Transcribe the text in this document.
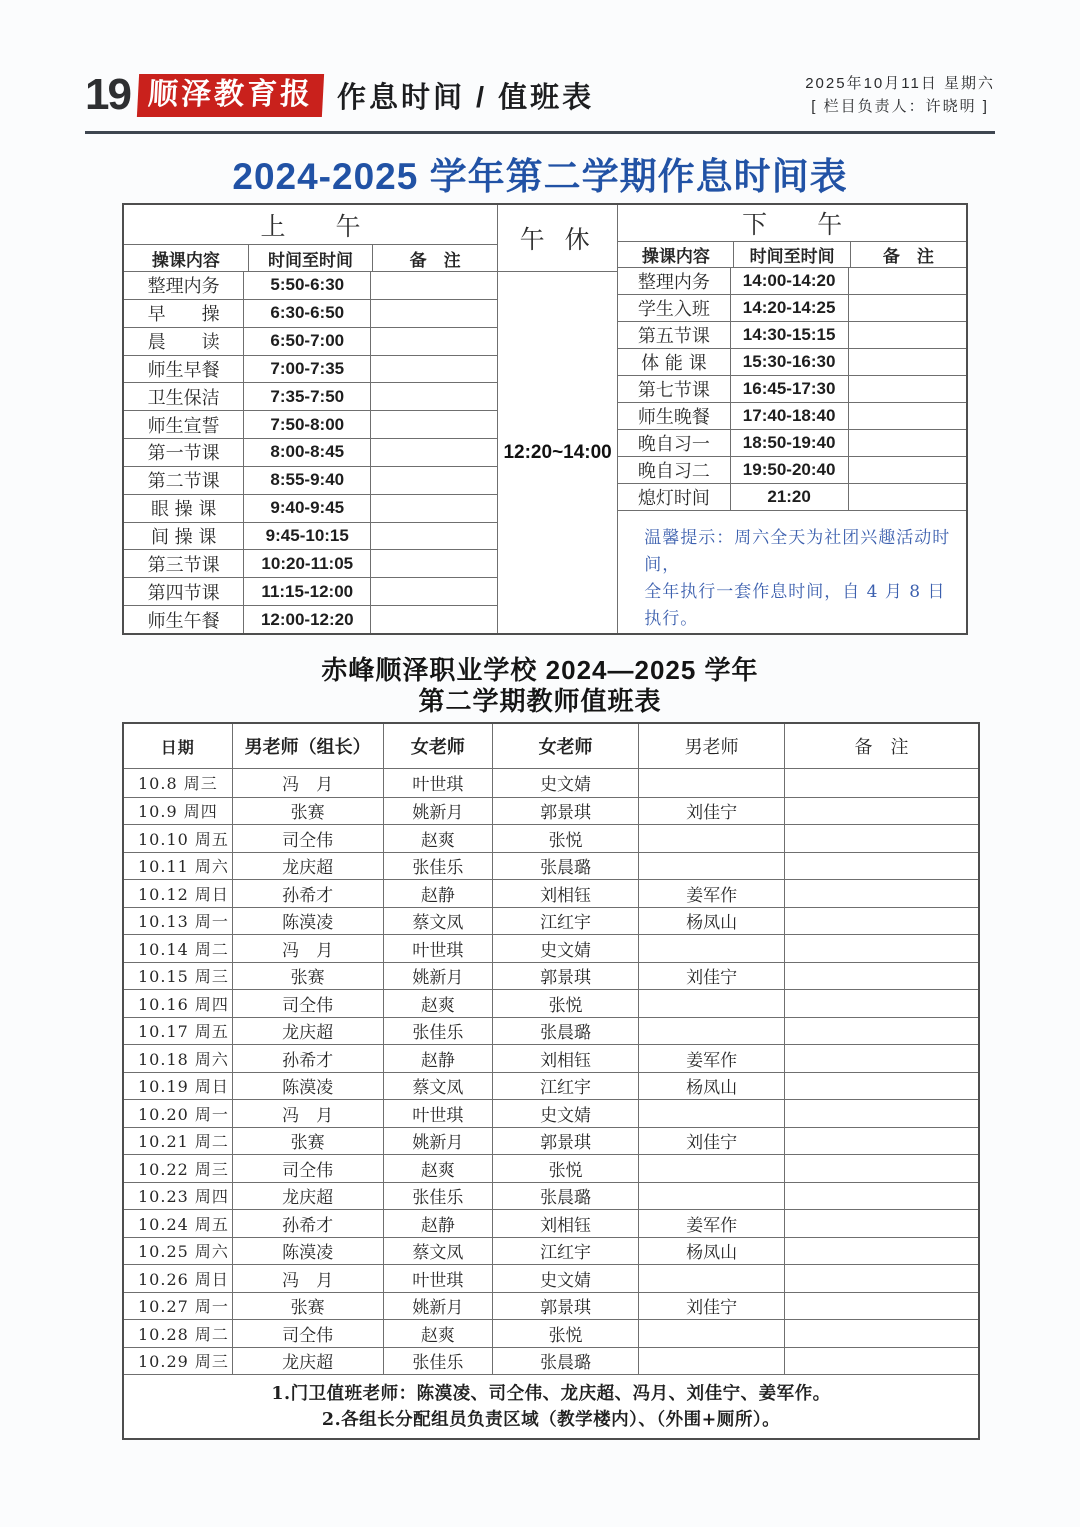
19 顺泽教育报 作息时间 / 值班表	2025年10月11日 星期六
[ 栏目负责人：许晓明 ]
2024-2025 学年第二学期作息时间表
上　　午
操课内容	时间至时间	备　注
整理内务	5:50-6:30
早　　操	6:30-6:50
晨　　读	6:50-7:00
师生早餐	7:00-7:35
卫生保洁	7:35-7:50
师生宣誓	7:50-8:00
第一节课	8:00-8:45
第二节课	8:55-9:40
眼 操 课	9:40-9:45
间 操 课	9:45-10:15
第三节课	10:20-11:05
第四节课	11:15-12:00
师生午餐	12:00-12:20
午 休
12:20~14:00
下　　午
操课内容	时间至时间	备　注
整理内务	14:00-14:20
学生入班	14:20-14:25
第五节课	14:30-15:15
体 能 课	15:30-16:30
第七节课	16:45-17:30
师生晚餐	17:40-18:40
晚自习一	18:50-19:40
晚自习二	19:50-20:40
熄灯时间	21:20
温馨提示：周六全天为社团兴趣活动时间，
全年执行一套作息时间，自 4 月 8 日执行。
赤峰顺泽职业学校 2024—2025 学年
第二学期教师值班表
日期	男老师（组长）	女老师	女老师	男老师	备　注
10.8 周三	冯　月	叶世琪	史文婧
10.9 周四	张赛	姚新月	郭景琪	刘佳宁
10.10 周五	司仝伟	赵爽	张悦
10.11 周六	龙庆超	张佳乐	张晨璐
10.12 周日	孙希才	赵静	刘相钰	姜军作
10.13 周一	陈漠凌	蔡文凤	江红宇	杨凤山
10.14 周二	冯　月	叶世琪	史文婧
10.15 周三	张赛	姚新月	郭景琪	刘佳宁
10.16 周四	司仝伟	赵爽	张悦
10.17 周五	龙庆超	张佳乐	张晨璐
10.18 周六	孙希才	赵静	刘相钰	姜军作
10.19 周日	陈漠凌	蔡文凤	江红宇	杨凤山
10.20 周一	冯　月	叶世琪	史文婧
10.21 周二	张赛	姚新月	郭景琪	刘佳宁
10.22 周三	司仝伟	赵爽	张悦
10.23 周四	龙庆超	张佳乐	张晨璐
10.24 周五	孙希才	赵静	刘相钰	姜军作
10.25 周六	陈漠凌	蔡文凤	江红宇	杨凤山
10.26 周日	冯　月	叶世琪	史文婧
10.27 周一	张赛	姚新月	郭景琪	刘佳宁
10.28 周二	司仝伟	赵爽	张悦
10.29 周三	龙庆超	张佳乐	张晨璐
1.门卫值班老师：陈漠凌、司仝伟、龙庆超、冯月、刘佳宁、姜军作。
2.各组长分配组员负责区域（教学楼内）、（外围+厕所）。
